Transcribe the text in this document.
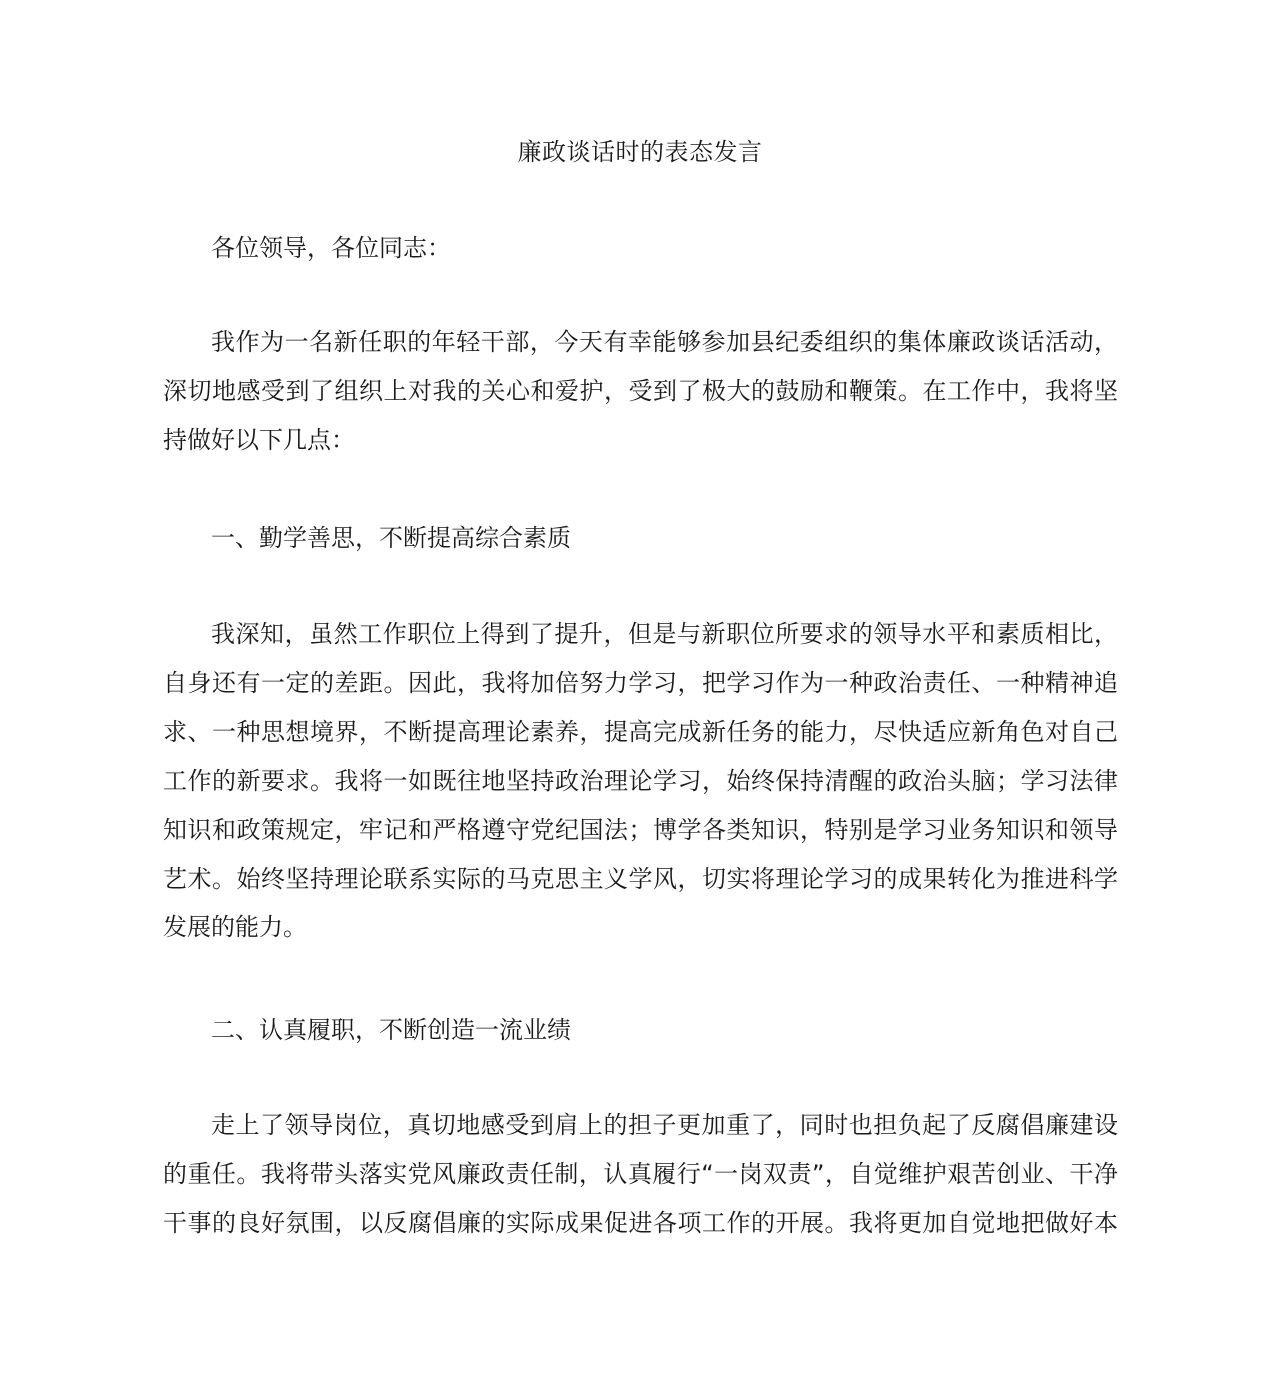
廉政谈话时的表态发言

各位领导，各位同志：

我作为一名新任职的年轻干部，今天有幸能够参加县纪委组织的集体廉政谈话活动，
深切地感受到了组织上对我的关心和爱护，受到了极大的鼓励和鞭策。在工作中，我将坚
持做好以下几点：

一、勤学善思，不断提高综合素质

我深知，虽然工作职位上得到了提升，但是与新职位所要求的领导水平和素质相比，
自身还有一定的差距。因此，我将加倍努力学习，把学习作为一种政治责任、一种精神追
求、一种思想境界，不断提高理论素养，提高完成新任务的能力，尽快适应新角色对自己
工作的新要求。我将一如既往地坚持政治理论学习，始终保持清醒的政治头脑；学习法律
知识和政策规定，牢记和严格遵守党纪国法；博学各类知识，特别是学习业务知识和领导
艺术。始终坚持理论联系实际的马克思主义学风，切实将理论学习的成果转化为推进科学
发展的能力。

二、认真履职，不断创造一流业绩

走上了领导岗位，真切地感受到肩上的担子更加重了，同时也担负起了反腐倡廉建设
的重任。我将带头落实党风廉政责任制，认真履行“一岗双责”，自觉维护艰苦创业、干净
干事的良好氛围，以反腐倡廉的实际成果促进各项工作的开展。我将更加自觉地把做好本
